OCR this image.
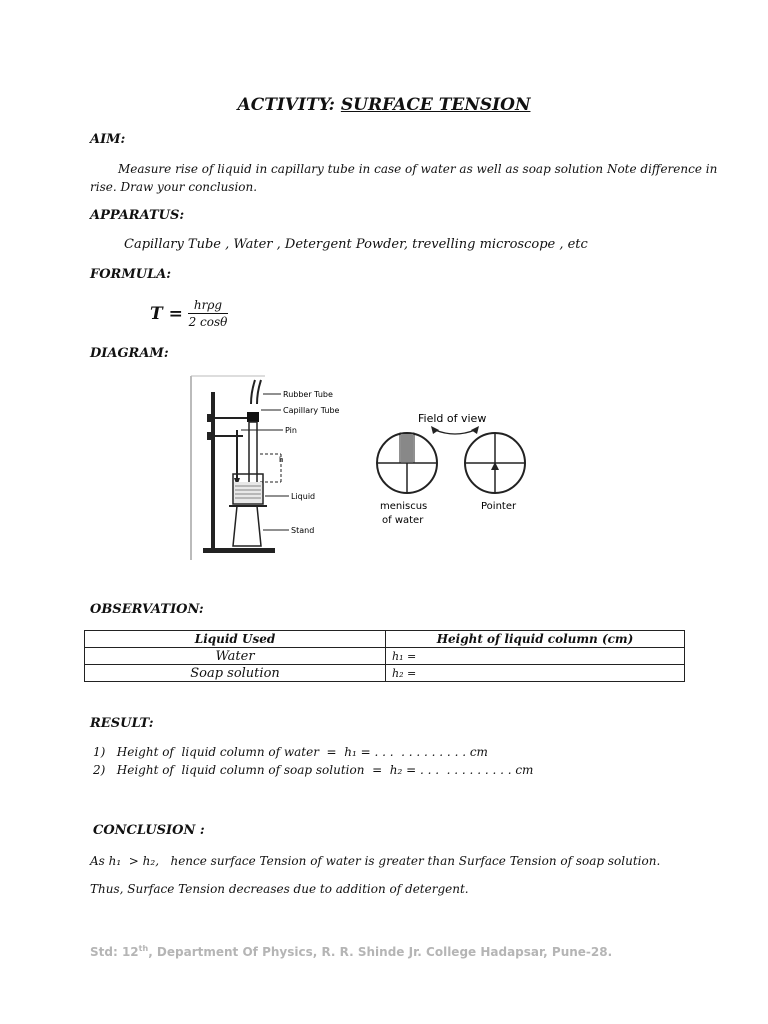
ACTIVITY: SURFACE TENSION
AIM:
Measure rise of liquid in capillary tube in case of water as well as soap solution Note difference in
rise. Draw your conclusion.
APPARATUS:
Capillary Tube , Water , Detergent Powder, trevelling microscope , etc
FORMULA:
T = hrρg
2 cosθ
DIAGRAM:
h
Rubber Tube
Capillary Tube
Pin
Liquid
Stand
Field of view
meniscus
of water
Pointer
OBSERVATION:
Liquid Used	Height of liquid column (cm)
Water	h₁ =
Soap solution	h₂ =
RESULT:
1)   Height of  liquid column of water  =  h₁ = . . .  . . . . . . . . . cm
2)   Height of  liquid column of soap solution  =  h₂ = . . .  . . . . . . . . . cm
CONCLUSION :
As h₁  > h₂,   hence surface Tension of water is greater than Surface Tension of soap solution.
Thus, Surface Tension decreases due to addition of detergent.
Std: 12th, Department Of Physics, R. R. Shinde Jr. College Hadapsar, Pune-28.
